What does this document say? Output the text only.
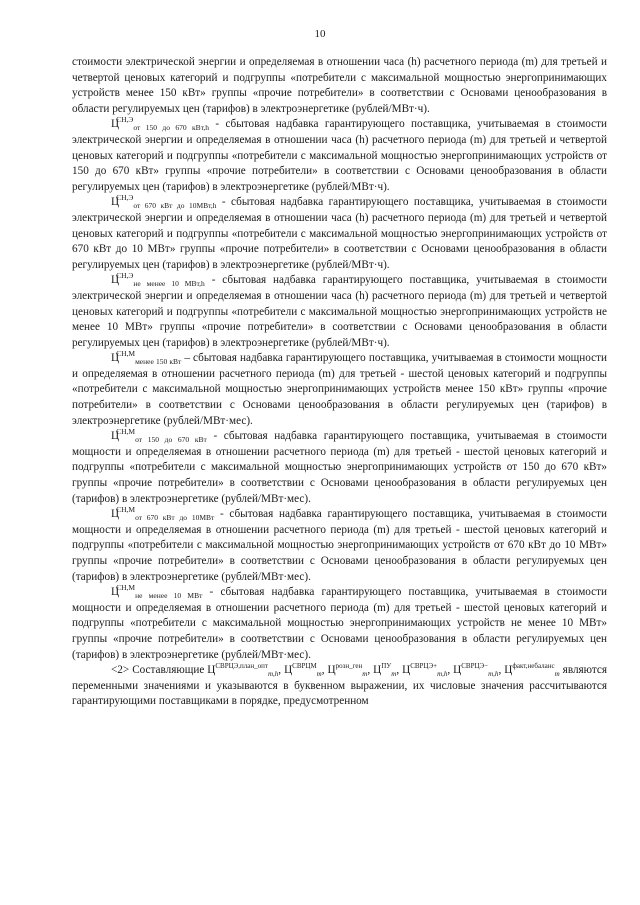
10

стоимости электрической энергии и определяемая в отношении часа (h) расчетного периода (m) для третьей и четвертой ценовых категорий и подгруппы «потребители с максимальной мощностью энергопринимающих устройств менее 150 кВт» группы «прочие потребители» в соответствии с Основами ценообразования в области регулируемых цен (тарифов) в электроэнергетике (рублей/МВт·ч).

$Ц^{СН,Э}_{от 150 до 670 кВт,h}$ - сбытовая надбавка гарантирующего поставщика, учитываемая в стоимости электрической энергии и определяемая в отношении часа (h) расчетного периода (m) для третьей и четвертой ценовых категорий и подгруппы «потребители с максимальной мощностью энергопринимающих устройств от 150 до 670 кВт» группы «прочие потребители» в соответствии с Основами ценообразования в области регулируемых цен (тарифов) в электроэнергетике (рублей/МВт·ч).

$Ц^{СН,Э}_{от 670 кВт до 10МВт,h}$ - сбытовая надбавка гарантирующего поставщика, учитываемая в стоимости электрической энергии и определяемая в отношении часа (h) расчетного периода (m) для третьей и четвертой ценовых категорий и подгруппы «потребители с максимальной мощностью энергопринимающих устройств от 670 кВт до 10 МВт» группы «прочие потребители» в соответствии с Основами ценообразования в области регулируемых цен (тарифов) в электроэнергетике (рублей/МВт·ч).

$Ц^{СН,Э}_{не менее 10 МВт,h}$ - сбытовая надбавка гарантирующего поставщика, учитываемая в стоимости электрической энергии и определяемая в отношении часа (h) расчетного периода (m) для третьей и четвертой ценовых категорий и подгруппы «потребители с максимальной мощностью энергопринимающих устройств не менее 10 МВт» группы «прочие потребители» в соответствии с Основами ценообразования в области регулируемых цен (тарифов) в электроэнергетике (рублей/МВт·ч).

$Ц^{СН,М}_{менее 150 кВт}$ – сбытовая надбавка гарантирующего поставщика, учитываемая в стоимости мощности и определяемая в отношении расчетного периода (m) для третьей - шестой ценовых категорий и подгруппы «потребители с максимальной мощностью энергопринимающих устройств менее 150 кВт» группы «прочие потребители» в соответствии с Основами ценообразования в области регулируемых цен (тарифов) в электроэнергетике (рублей/МВт·мес).

$Ц^{СН,М}_{от 150 до 670 кВт}$ - сбытовая надбавка гарантирующего поставщика, учитываемая в стоимости мощности и определяемая в отношении расчетного периода (m) для третьей - шестой ценовых категорий и подгруппы «потребители с максимальной мощностью энергопринимающих устройств от 150 до 670 кВт» группы «прочие потребители» в соответствии с Основами ценообразования в области регулируемых цен (тарифов) в электроэнергетике (рублей/МВт·мес).

$Ц^{СН,М}_{от 670 кВт до 10МВт}$ - сбытовая надбавка гарантирующего поставщика, учитываемая в стоимости мощности и определяемая в отношении расчетного периода (m) для третьей - шестой ценовых категорий и подгруппы «потребители с максимальной мощностью энергопринимающих устройств от 670 кВт до 10 МВт» группы «прочие потребители» в соответствии с Основами ценообразования в области регулируемых цен (тарифов) в электроэнергетике (рублей/МВт·мес).

$Ц^{СН,М}_{не менее 10 МВт}$ - сбытовая надбавка гарантирующего поставщика, учитываемая в стоимости мощности и определяемая в отношении расчетного периода (m) для третьей - шестой ценовых категорий и подгруппы «потребители с максимальной мощностью энергопринимающих устройств не менее 10 МВт» группы «прочие потребители» в соответствии с Основами ценообразования в области регулируемых цен (тарифов) в электроэнергетике (рублей/МВт·мес).

<2> Составляющие $Ц^{СВРЦЭ,план\_опт}_{m,h}$, $Ц^{СВРЦМ}_m$, $Ц^{розн\_ген}_m$, $Ц^{ПУ}_m$, $Ц^{СВРЦЭ+}_{m,h}$, $Ц^{СВРЦЭ-}_{m,h}$, $Ц^{факт,небаланс}_m$ являются переменными значениями и указываются в буквенном выражении, их числовые значения рассчитываются гарантирующими поставщиками в порядке, предусмотренном
